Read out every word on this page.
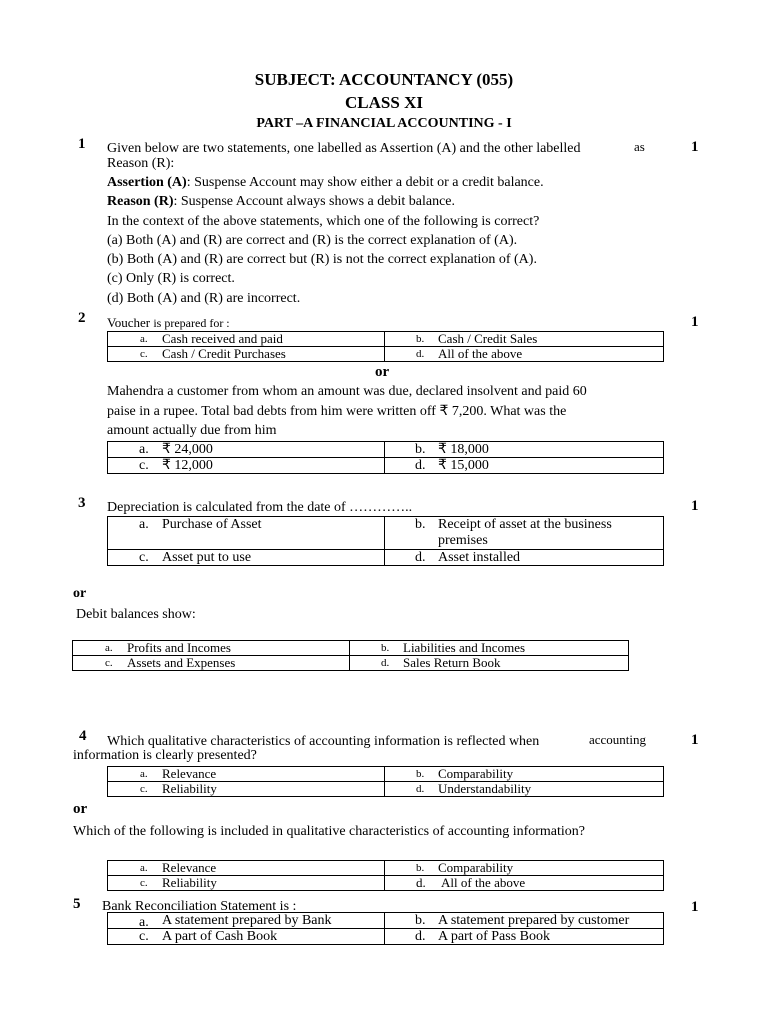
SUBJECT: ACCOUNTANCY (055)
CLASS XI
PART –A FINANCIAL ACCOUNTING - I
1	1
Given below are two statements, one labelled as Assertion (A) and the other labelled	as
Reason (R):
Assertion (A): Suspense Account may show either a debit or a credit balance.
Reason (R): Suspense Account always shows a debit balance.
In the context of the above statements, which one of the following is correct?
(a) Both (A) and (R) are correct and (R) is the correct explanation of (A).
(b) Both (A) and (R) are correct but (R) is not the correct explanation of (A).
(c) Only (R) is correct.
(d) Both (A) and (R) are incorrect.
2	1
Voucher is prepared for :
a. Cash received and paid	b. Cash / Credit Sales

c. Cash / Credit Purchases	d. All of the above
or
Mahendra a customer from whom an amount was due, declared insolvent and paid 60
paise in a rupee. Total bad debts from him were written off ₹ 7,200. What was the
amount actually due from him
a. ₹ 24,000	b. ₹ 18,000

c. ₹ 12,000	d. ₹ 15,000
3	1
Depreciation is calculated from the date of …………..
a. Purchase of Asset	b. Receipt of asset at the business premises

c. Asset put to use	d. Asset installed
or
Debit balances show:
a. Profits and Incomes	b. Liabilities and Incomes

c. Assets and Expenses	d. Sales Return Book
4	1
Which qualitative characteristics of accounting information is reflected when	accounting
information is clearly presented?
a. Relevance	b. Comparability

c. Reliability	d. Understandability
or
Which of the following is included in qualitative characteristics of accounting information?
a. Relevance	b. Comparability

c. Reliability	d. All of the above
5	1
Bank Reconciliation Statement is :
a. A statement prepared by Bank	b. A statement prepared by customer

c. A part of Cash Book	d. A part of Pass Book
